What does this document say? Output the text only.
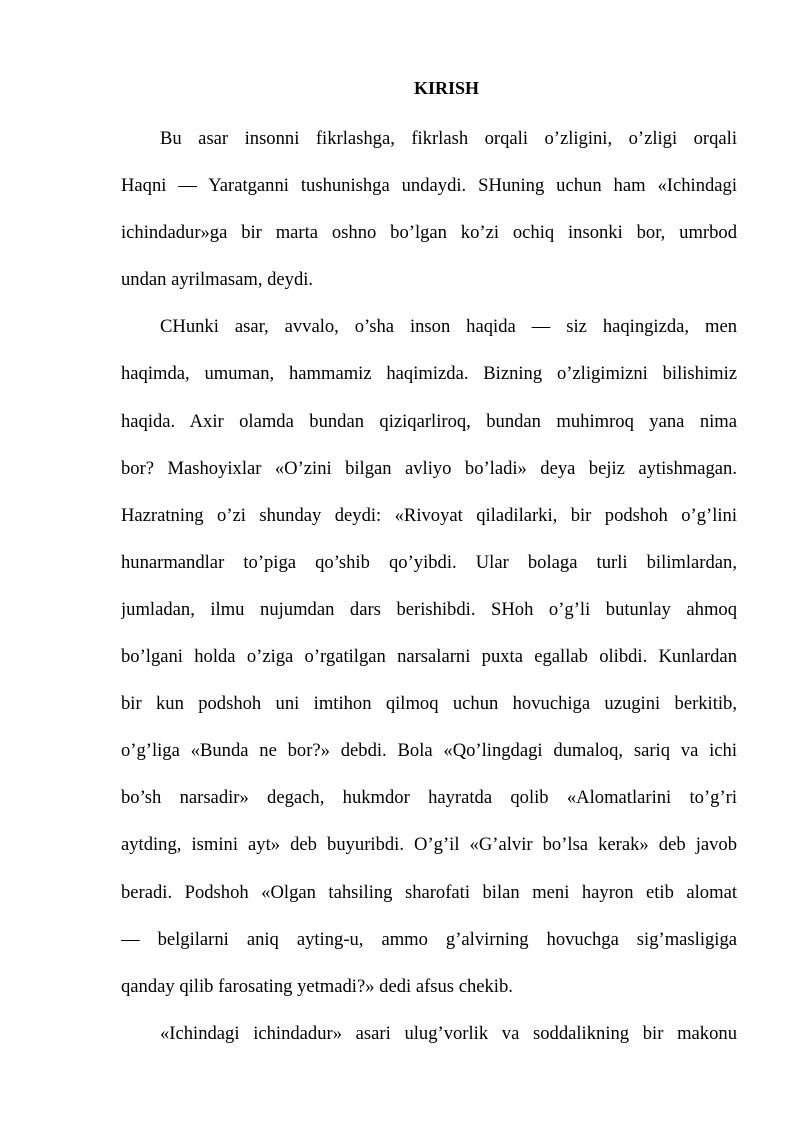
KIRISH
Bu asar insonni fikrlashga, fikrlash orqali o’zligini, o’zligi orqali
Haqni — Yaratganni tushunishga undaydi. SHuning uchun ham «Ichindagi
ichindadur»ga bir marta oshno bo’lgan ko’zi ochiq insonki bor, umrbod
undan ayrilmasam, deydi.
CHunki asar, avvalo, o’sha inson haqida — siz haqingizda, men
haqimda, umuman, hammamiz haqimizda. Bizning o’zligimizni bilishimiz
haqida. Axir olamda bundan qiziqarliroq, bundan muhimroq yana nima
bor? Mashoyixlar «O’zini bilgan avliyo bo’ladi» deya bejiz aytishmagan.
Hazratning o’zi shunday deydi: «Rivoyat qiladilarki, bir podshoh o’g’lini
hunarmandlar to’piga qo’shib qo’yibdi. Ular bolaga turli bilimlardan,
jumladan, ilmu nujumdan dars berishibdi. SHoh o’g’li butunlay ahmoq
bo’lgani holda o’ziga o’rgatilgan narsalarni puxta egallab olibdi. Kunlardan
bir kun podshoh uni imtihon qilmoq uchun hovuchiga uzugini berkitib,
o’g’liga «Bunda ne bor?» debdi. Bola «Qo’lingdagi dumaloq, sariq va ichi
bo’sh narsadir» degach, hukmdor hayratda qolib «Alomatlarini to’g’ri
aytding, ismini ayt» deb buyuribdi. O’g’il «G’alvir bo’lsa kerak» deb javob
beradi. Podshoh «Olgan tahsiling sharofati bilan meni hayron etib alomat
— belgilarni aniq ayting-u, ammo g’alvirning hovuchga sig’masligiga
qanday qilib farosating yetmadi?» dedi afsus chekib.
«Ichindagi ichindadur» asari ulug’vorlik va soddalikning bir makonu
